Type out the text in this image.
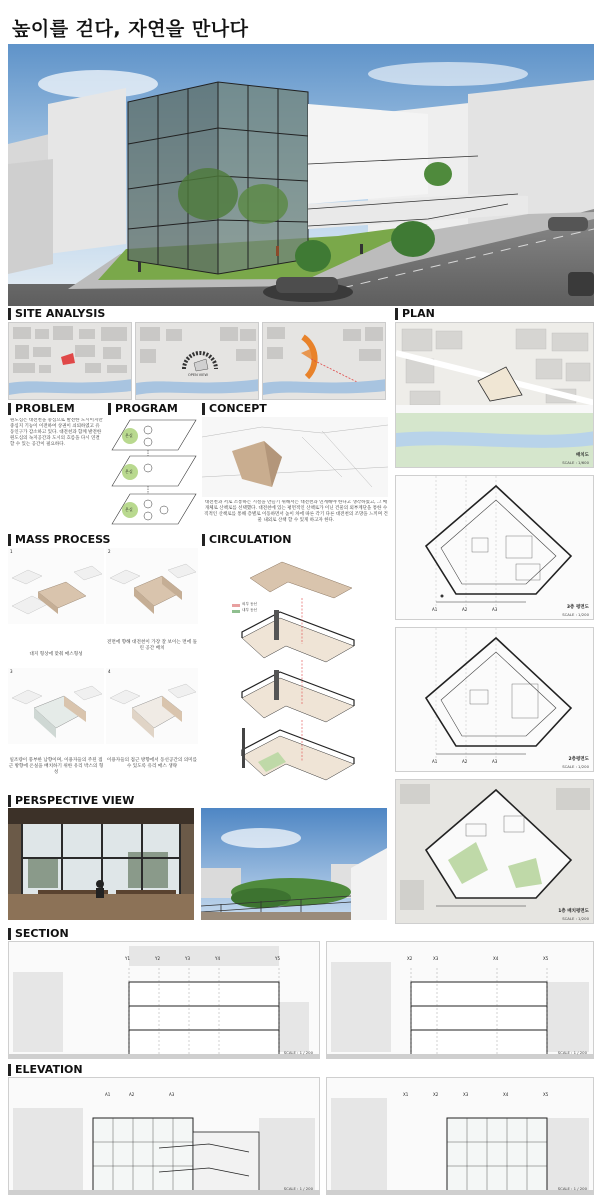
높이를 걷다, 자연을 만나다
SITE ANALYSIS
OPEN VIEW
PLAN
배치도
SCALE : 1/600
A1	A2	A3	3층 평면도
SCALE : 1/200
A1	A2	A3	2층평면도
SCALE : 1/200
1층 배치평면도
SCALE : 1/200
PROBLEM
원도심은 대전천을 중심으로 발전한 도시이지만 중심지 기능이 이전하여 상권이 쇠퇴하였고 유동인구가 감소하고 있다. 대전천과 함께 발전한 원도심의 녹지공간과 도시의 흐름을 다시 연결할 수 있는 공간이 필요하다.
PROGRAM
온실
온실
온실
CONCEPT
대전천과 서로 소통하는 시설을 만들기 위해서는 대전천과 연계해야 한다고 생각하였고, 그 매개체로 산책로를 선택했다. 대전천에 있는 평면적인 산책로가 이닌 건물의 외부계단을 통한 수직적인 산책로를 통해 층별로 이동하면서 높이 차에 따른 각기 다른 대전천의 조망을 느끼며 건물 내외로 산책 할 수 있게 하고자 한다.
MASS PROCESS
1	2
대지 형상에 맞춰 매스형성
전면에 향해 대전천이 가장 잘 보이는 면에 돌린 공간 배치
3	4
일조량이 풍부한 남향이며, 이용자들의 주된 접근 방향에 온실을 배치하기 위한 유리 박스의 형성
이용자들의 접근 방향에서 동선공간의 의미를 수 있도록 유리 매스 생략
CIRCULATION
외부 동선
내부 동선
PERSPECTIVE VIEW
SECTION
Y1	Y2	Y3	Y4	Y5
SCALE : 1 / 200
X2	X3	X4	X5
SCALE : 1 / 200
ELEVATION
A1	A2	A3
SCALE : 1 / 200
X1	X2	X3	X4	X5
SCALE : 1 / 200
